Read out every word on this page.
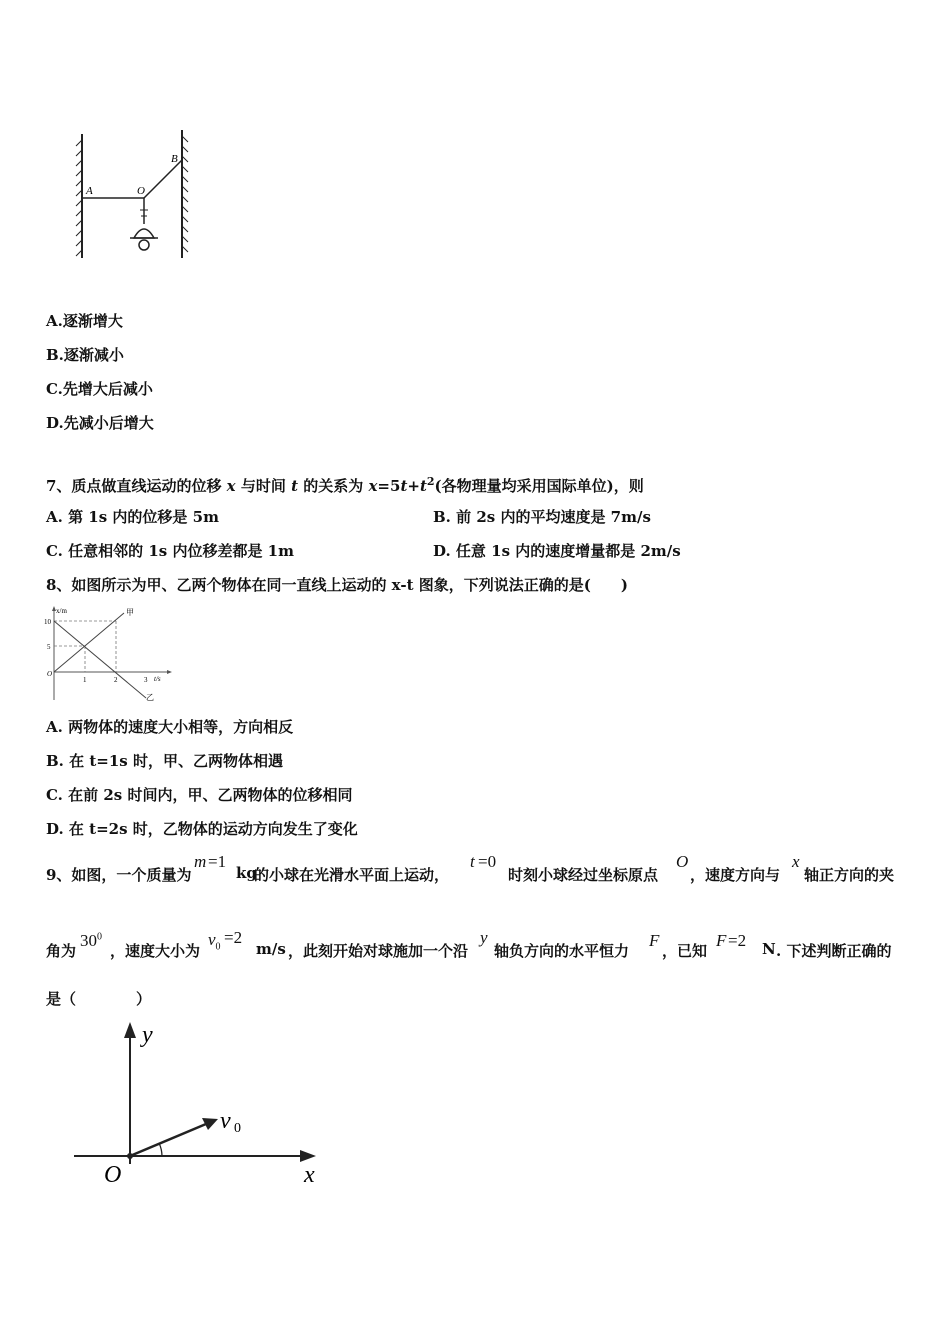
A	O
B
A.逐渐增大
B.逐渐减小
C.先增大后减小
D.先减小后增大
7、质点做直线运动的位移 x 与时间 t 的关系为 $x=5t+t^2$(各物理量均采用国际单位)，则
A. 第 1s 内的位移是 5m	B. 前 2s 内的平均速度是 7m/s
C. 任意相邻的 1s 内位移差都是 1m	D. 任意 1s 内的速度增量都是 2m/s
8、如图所示为甲、乙两个物体在同一直线上运动的 x-t 图象，下列说法正确的是(　　)
x/m
t/s
10
5
O
1	2	3
甲
乙
A. 两物体的速度大小相等，方向相反
B. 在 t=1s 时，甲、乙两物体相遇
C. 在前 2s 时间内，甲、乙两物体的位移相同
D. 在 t=2s 时，乙物体的运动方向发生了变化
9、如图，一个质量为
m =1
kg
的小球在光滑水平面上运动，
t =0
时刻小球经过坐标原点
O
，速度方向与
x
轴正方向的夹
角为
$30^0$
，速度大小为
$v_0 =2$
m/s ，此刻开始对球施加一个沿
y
轴负方向的水平恒力
F
，已知
F =2 N . 下述判断正确的
是（　　　　）
y
x
O
v 0
